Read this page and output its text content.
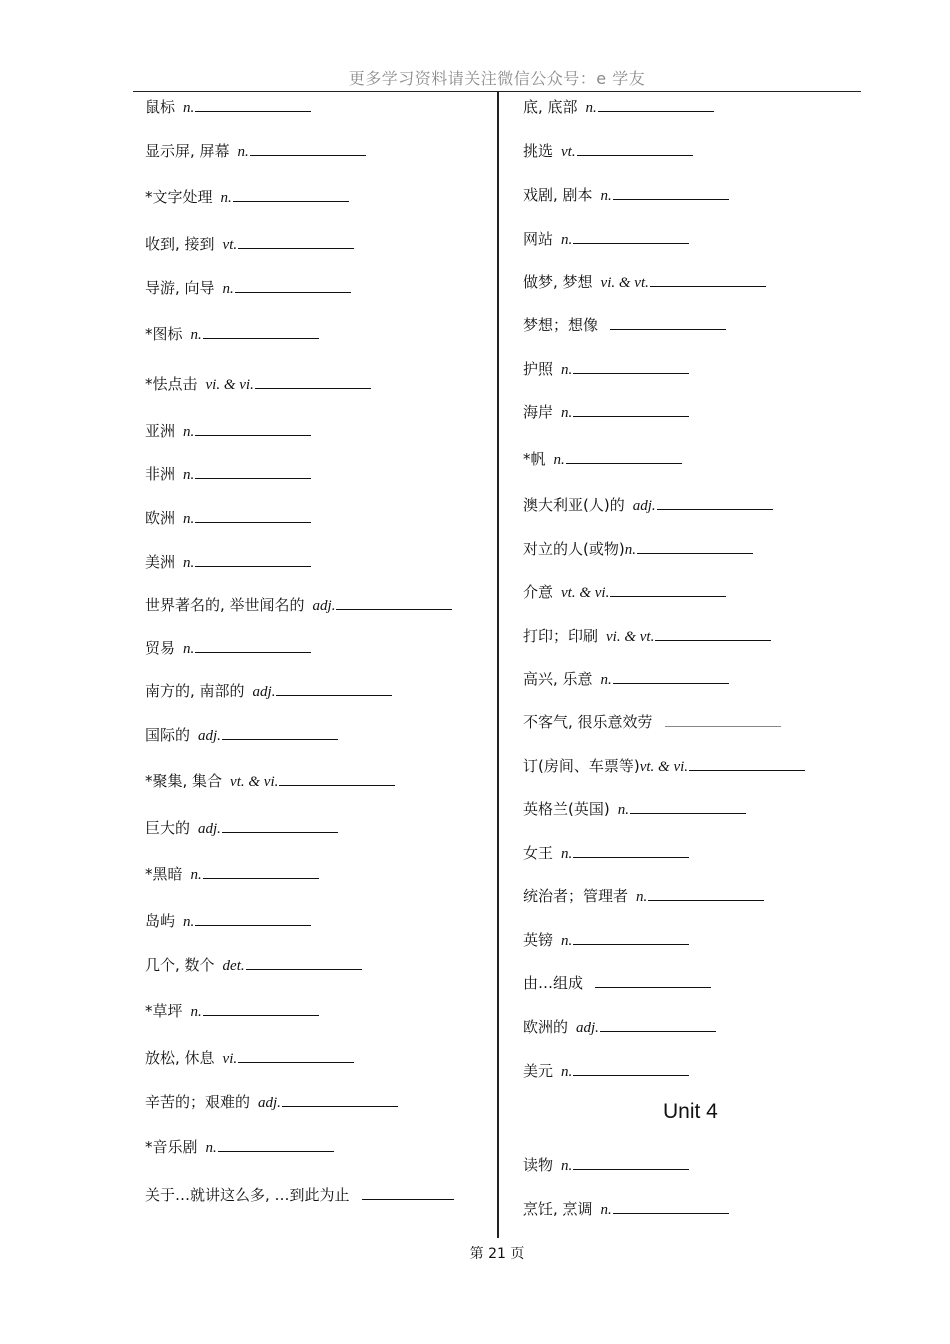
更多学习资料请关注微信公众号：e 学友
鼠标 n.
显示屏, 屏幕 n.
*文字处理 n.
收到, 接到 vt.
导游, 向导 n.
*图标 n.
*怯点击 vi. & vi.
亚洲 n.
非洲 n.
欧洲 n.
美洲 n.
世界著名的, 举世闻名的 adj.
贸易 n.
南方的, 南部的 adj.
国际的 adj.
*聚集, 集合 vt. & vi.
巨大的 adj.
*黑暗 n.
岛屿 n.
几个, 数个 det.
*草坪 n.
放松, 休息 vi.
辛苦的；艰难的 adj.
*音乐剧 n.
关于…就讲这么多, …到此为止
底, 底部 n.
挑选 vt.
戏剧, 剧本 n.
网站 n.
做梦, 梦想 vi. & vt.
梦想；想像
护照 n.
海岸 n.
*帆 n.
澳大利亚(人)的 adj.
对立的人(或物)n.
介意 vt. & vi.
打印；印刷 vi. & vt.
高兴, 乐意 n.
不客气, 很乐意效劳
订(房间、车票等)vt. & vi.
英格兰(英国) n.
女王 n.
统治者；管理者 n.
英镑 n.
由…组成
欧洲的 adj.
美元 n.
Unit 4
读物 n.
烹饪, 烹调 n.
第 21 页
